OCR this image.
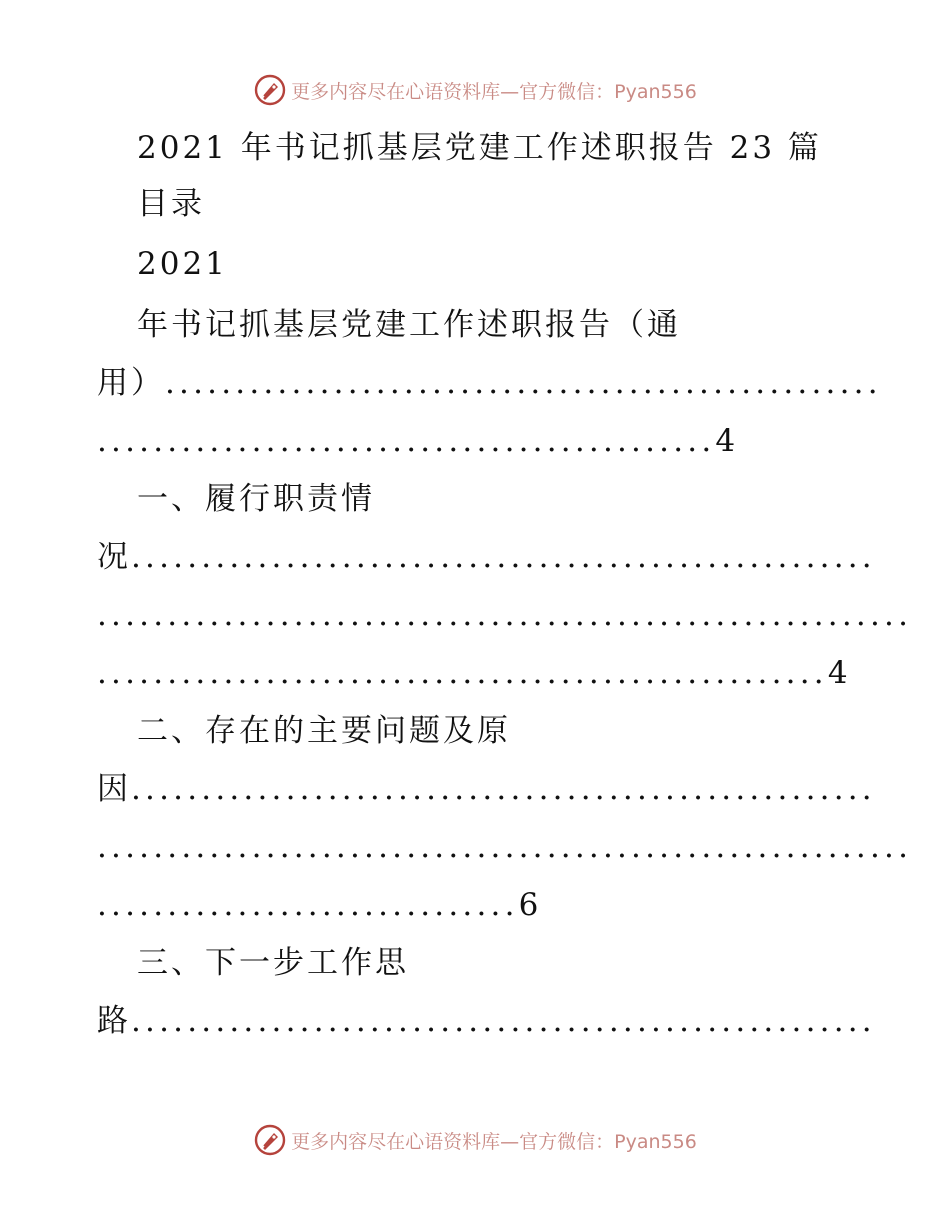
更多内容尽在心语资料库—官方微信：Pyan556
2021 年书记抓基层党建工作述职报告 23 篇
目录
2021
年书记抓基层党建工作述职报告（通
用）...................................................
............................................4
一、履行职责情
况.....................................................
..........................................................
....................................................4
二、存在的主要问题及原
因.....................................................
..........................................................
..............................6
三、下一步工作思
路.....................................................
更多内容尽在心语资料库—官方微信：Pyan556
